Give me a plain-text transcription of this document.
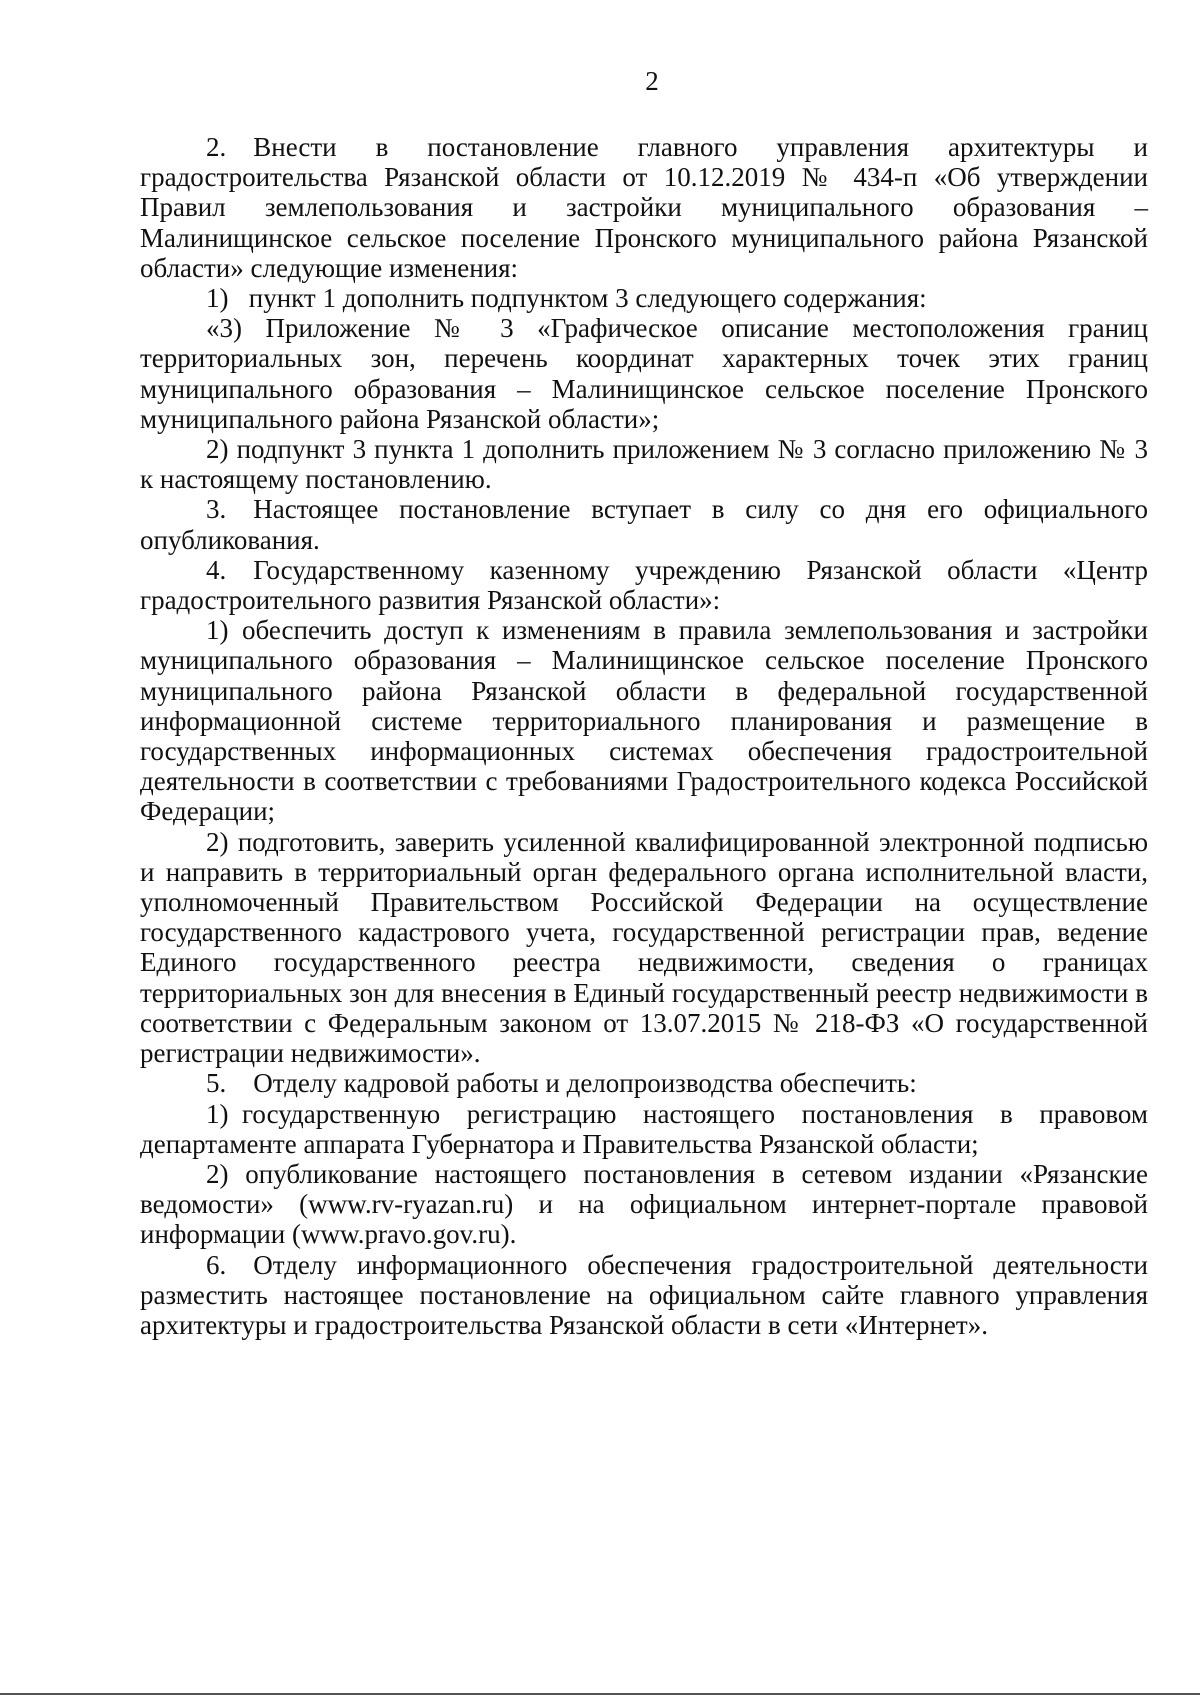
2

2. Внести в постановление главного управления архитектуры и градостроительства Рязанской области от 10.12.2019 № 434-п «Об утверждении Правил землепользования и застройки муниципального образования – Малинищинское сельское поселение Пронского муниципального района Рязанской области» следующие изменения:

1)  пункт 1 дополнить подпунктом 3 следующего содержания:

«3) Приложение № 3 «Графическое описание местоположения границ территориальных зон, перечень координат характерных точек этих границ муниципального образования – Малинищинское сельское поселение Пронского муниципального района Рязанской области»;

2) подпункт 3 пункта 1 дополнить приложением № 3 согласно приложению № 3 к настоящему постановлению.

3. Настоящее постановление вступает в силу со дня его официального опубликования.

4. Государственному казенному учреждению Рязанской области «Центр градостроительного развития Рязанской области»:

1) обеспечить доступ к изменениям в правила землепользования и застройки муниципального образования – Малинищинское сельское поселение Пронского муниципального района Рязанской области в федеральной государственной информационной системе территориального планирования и размещение в государственных информационных системах обеспечения градостроительной деятельности в соответствии с требованиями Градостроительного кодекса Российской Федерации;

2) подготовить, заверить усиленной квалифицированной электронной подписью и направить в территориальный орган федерального органа исполнительной власти, уполномоченный Правительством Российской Федерации на осуществление государственного кадастрового учета, государственной регистрации прав, ведение Единого государственного реестра недвижимости, сведения о границах территориальных зон для внесения в Единый государственный реестр недвижимости в соответствии с Федеральным законом от 13.07.2015 № 218-ФЗ «О государственной регистрации недвижимости».

5. Отделу кадровой работы и делопроизводства обеспечить:

1) государственную регистрацию настоящего постановления в правовом департаменте аппарата Губернатора и Правительства Рязанской области;

2) опубликование настоящего постановления в сетевом издании «Рязанские ведомости» (www.rv-ryazan.ru) и на официальном интернет-портале правовой информации (www.pravo.gov.ru).

6. Отделу информационного обеспечения градостроительной деятельности разместить настоящее постановление на официальном сайте главного управления архитектуры и градостроительства Рязанской области в сети «Интернет».
